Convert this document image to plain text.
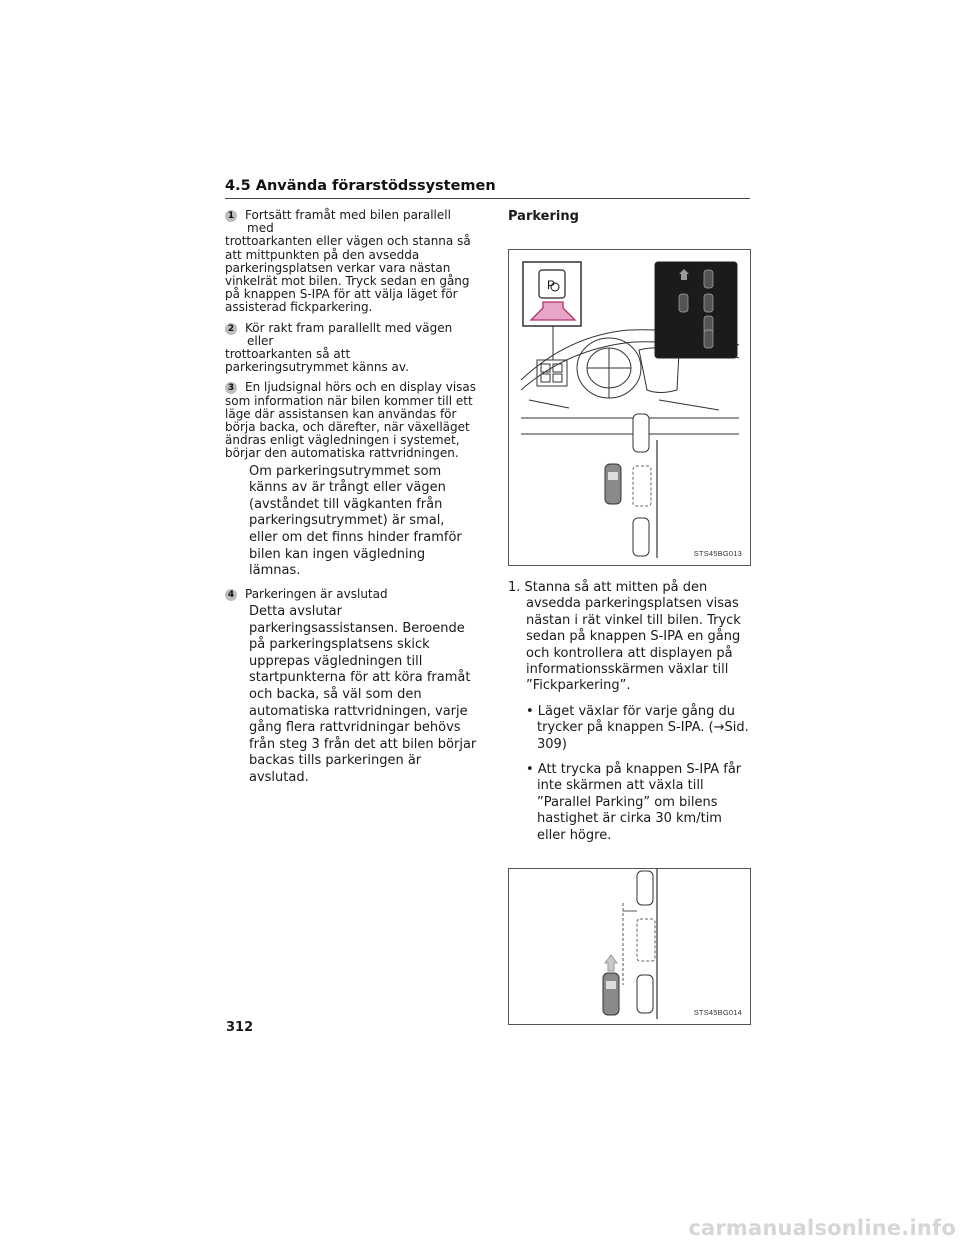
4.5 Använda förarstödssystemen
1 Fortsätt framåt med bilen parallell med

trottoarkanten eller vägen och stanna så att mittpunkten på den avsedda parkeringsplatsen verkar vara nästan vinkelrät mot bilen. Tryck sedan en gång på knappen S-IPA för att välja läget för assisterad fickparkering.

2 Kör rakt fram parallellt med vägen eller

trottoarkanten så att parkeringsutrymmet känns av.

3 En ljudsignal hörs och en display visas

som information när bilen kommer till ett läge där assistansen kan användas för börja backa, och därefter, när växelläget ändras enligt vägledningen i systemet, börjar den automatiska rattvridningen.

Om parkeringsutrymmet som känns av är trångt eller vägen (avståndet till vägkanten från parkeringsutrymmet) är smal, eller om det finns hinder framför bilen kan ingen vägledning lämnas.

4 Parkeringen är avslutad

Detta avslutar parkeringsassistansen. Beroende på parkeringsplatsens skick upprepas vägledningen till startpunkterna för att köra framåt och backa, så väl som den automatiska rattvridningen, varje gång flera rattvridningar behövs från steg 3 från det att bilen börjar backas tills parkeringen är avslutad.

Parkering
P
STS45BG013

1. Stanna så att mitten på den avsedda parkeringsplatsen visas nästan i rät vinkel till bilen. Tryck sedan på knappen S-IPA en gång och kontrollera att displayen på informationsskärmen växlar till ”Fickparkering”.

• Läget växlar för varje gång du trycker på knappen S-IPA. (→Sid. 309)

• Att trycka på knappen S-IPA får inte skärmen att växla till ”Parallel Parking” om bilens hastighet är cirka 30 km/tim eller högre.

STS45BG014
312
carmanualsonline.info
